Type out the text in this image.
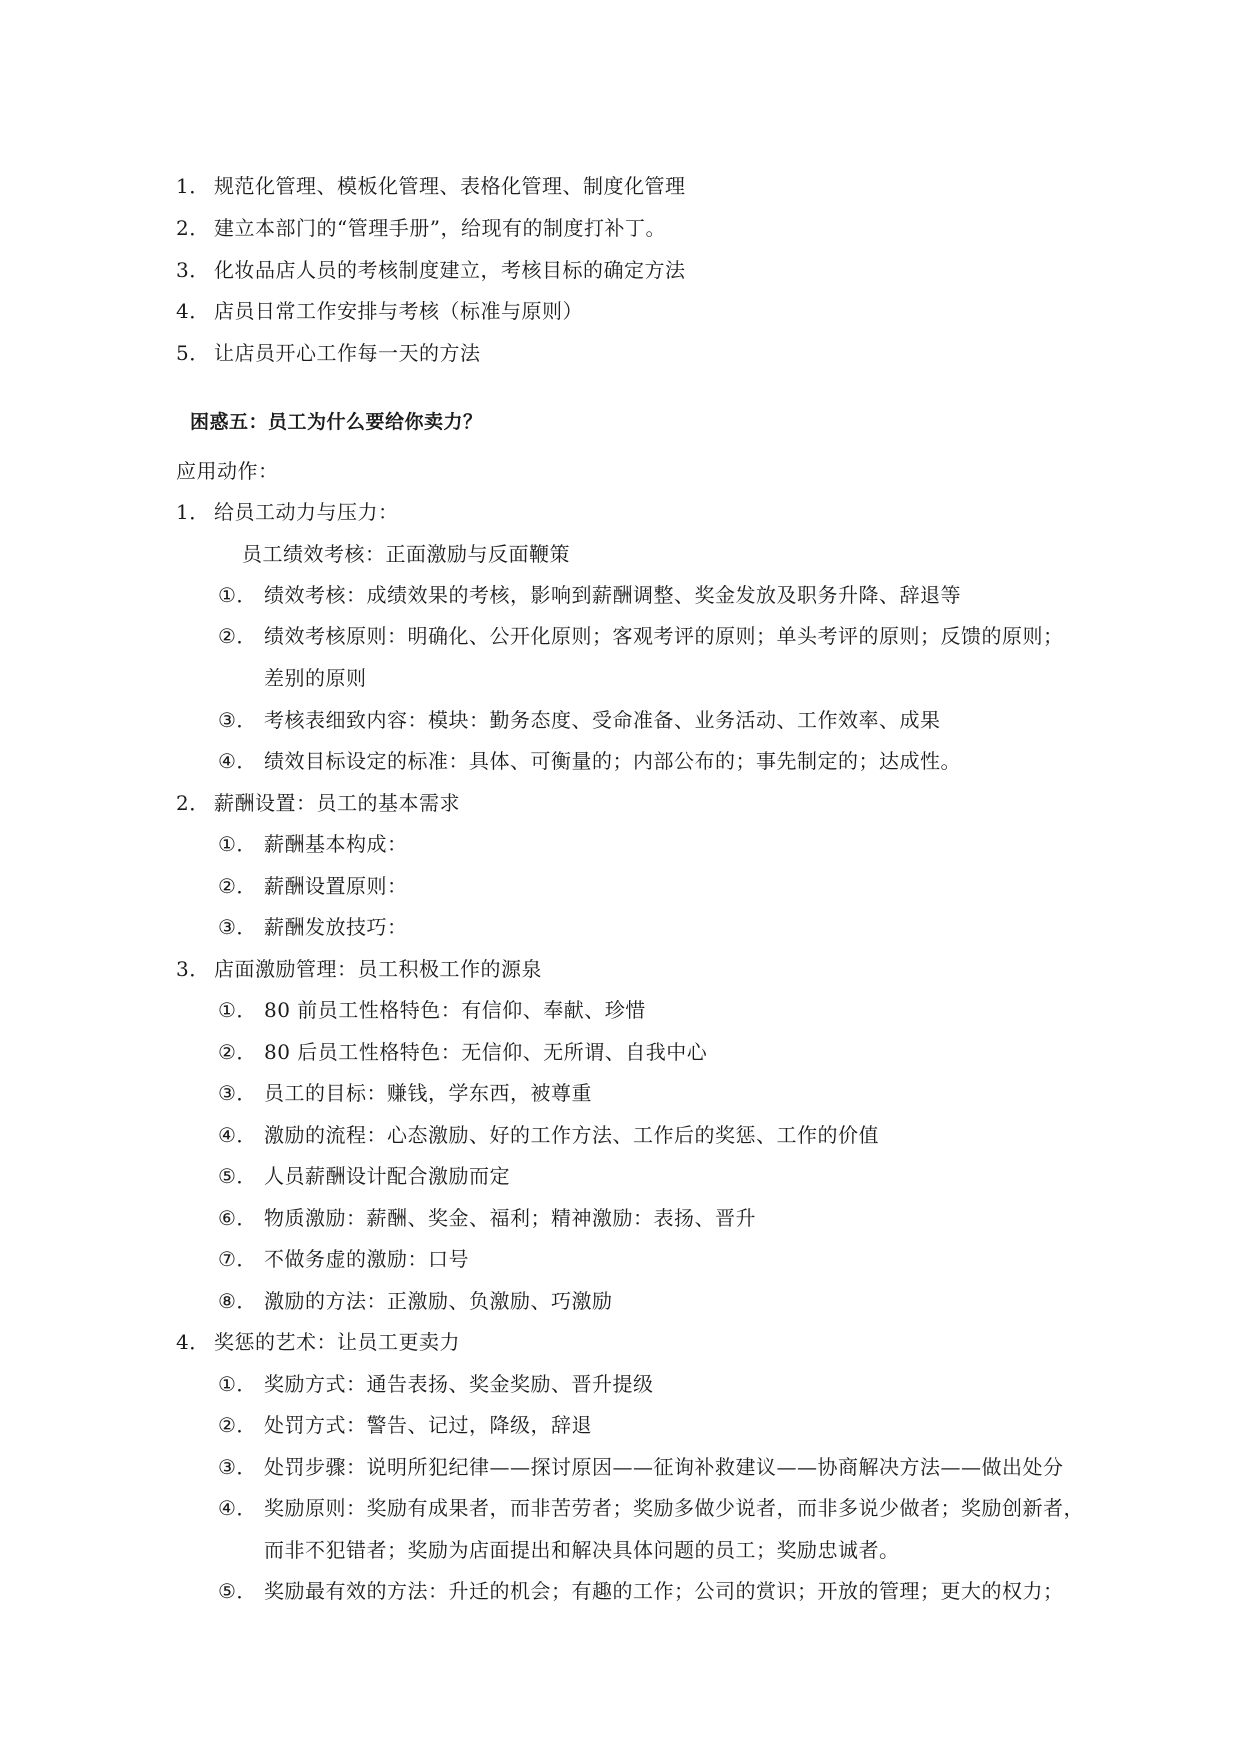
1． 规范化管理、模板化管理、表格化管理、制度化管理
2． 建立本部门的“管理手册”，给现有的制度打补丁。
3． 化妆品店人员的考核制度建立，考核目标的确定方法
4． 店员日常工作安排与考核（标准与原则）
5． 让店员开心工作每一天的方法
困惑五：员工为什么要给你卖力？
应用动作：
1． 给员工动力与压力：
员工绩效考核：正面激励与反面鞭策
①． 绩效考核：成绩效果的考核，影响到薪酬调整、奖金发放及职务升降、辞退等
②． 绩效考核原则：明确化、公开化原则；客观考评的原则；单头考评的原则；反馈的原则；
差别的原则
③． 考核表细致内容：模块：勤务态度、受命准备、业务活动、工作效率、成果
④． 绩效目标设定的标准：具体、可衡量的；内部公布的；事先制定的；达成性。
2． 薪酬设置：员工的基本需求
①． 薪酬基本构成：
②． 薪酬设置原则：
③． 薪酬发放技巧：
3． 店面激励管理：员工积极工作的源泉
①． 80 前员工性格特色：有信仰、奉献、珍惜
②． 80 后员工性格特色：无信仰、无所谓、自我中心
③． 员工的目标：赚钱，学东西，被尊重
④． 激励的流程：心态激励、好的工作方法、工作后的奖惩、工作的价值
⑤． 人员薪酬设计配合激励而定
⑥． 物质激励：薪酬、奖金、福利；精神激励：表扬、晋升
⑦． 不做务虚的激励：口号
⑧． 激励的方法：正激励、负激励、巧激励
4． 奖惩的艺术：让员工更卖力
①． 奖励方式：通告表扬、奖金奖励、晋升提级
②． 处罚方式：警告、记过，降级，辞退
③． 处罚步骤：说明所犯纪律——探讨原因——征询补救建议——协商解决方法——做出处分
④． 奖励原则：奖励有成果者，而非苦劳者；奖励多做少说者，而非多说少做者；奖励创新者，
而非不犯错者；奖励为店面提出和解决具体问题的员工；奖励忠诚者。
⑤． 奖励最有效的方法：升迁的机会；有趣的工作；公司的赏识；开放的管理；更大的权力；
